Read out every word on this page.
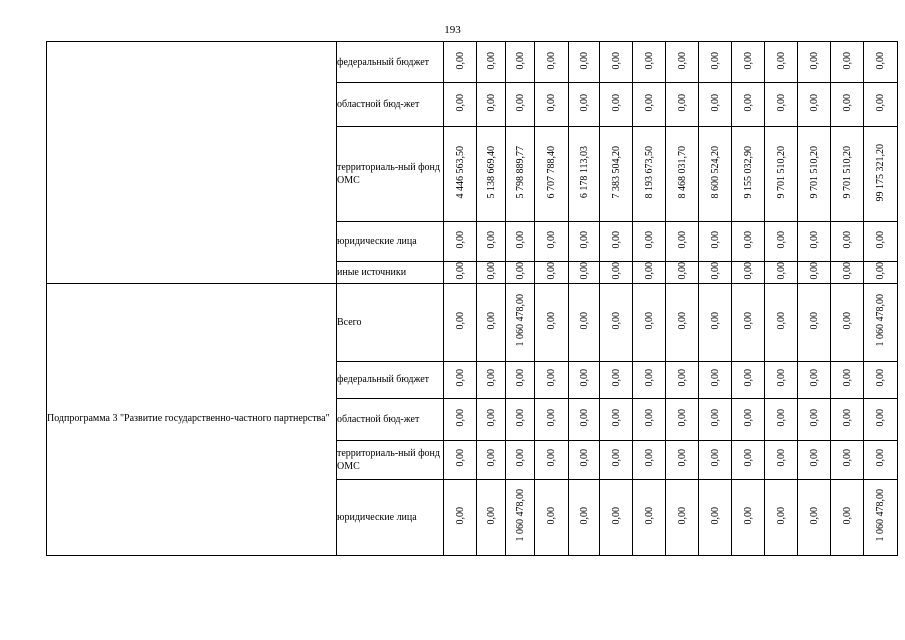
193
	федеральный бюджет	0,00	0,00	0,00	0,00	0,00	0,00	0,00	0,00	0,00	0,00	0,00	0,00	0,00	0,00
	областной бюд-жет	0,00	0,00	0,00	0,00	0,00	0,00	0,00	0,00	0,00	0,00	0,00	0,00	0,00	0,00
	территориаль-ный фонд ОМС	4 446 563,50	5 138 669,40	5 798 889,77	6 707 788,40	6 178 113,03	7 383 504,20	8 193 673,50	8 468 031,70	8 600 524,20	9 155 032,90	9 701 510,20	9 701 510,20	9 701 510,20	99 175 321,20
	юридические лица	0,00	0,00	0,00	0,00	0,00	0,00	0,00	0,00	0,00	0,00	0,00	0,00	0,00	0,00
	иные источники	0,00	0,00	0,00	0,00	0,00	0,00	0,00	0,00	0,00	0,00	0,00	0,00	0,00	0,00
Подпрограмма 3 "Развитие государственно-частного партнерства"	Всего	0,00	0,00	1 060 478,00	0,00	0,00	0,00	0,00	0,00	0,00	0,00	0,00	0,00	0,00	1 060 478,00
	федеральный бюджет	0,00	0,00	0,00	0,00	0,00	0,00	0,00	0,00	0,00	0,00	0,00	0,00	0,00	0,00
	областной бюд-жет	0,00	0,00	0,00	0,00	0,00	0,00	0,00	0,00	0,00	0,00	0,00	0,00	0,00	0,00
	территориаль-ный фонд ОМС	0,00	0,00	0,00	0,00	0,00	0,00	0,00	0,00	0,00	0,00	0,00	0,00	0,00	0,00
	юридические лица	0,00	0,00	1 060 478,00	0,00	0,00	0,00	0,00	0,00	0,00	0,00	0,00	0,00	0,00	1 060 478,00
